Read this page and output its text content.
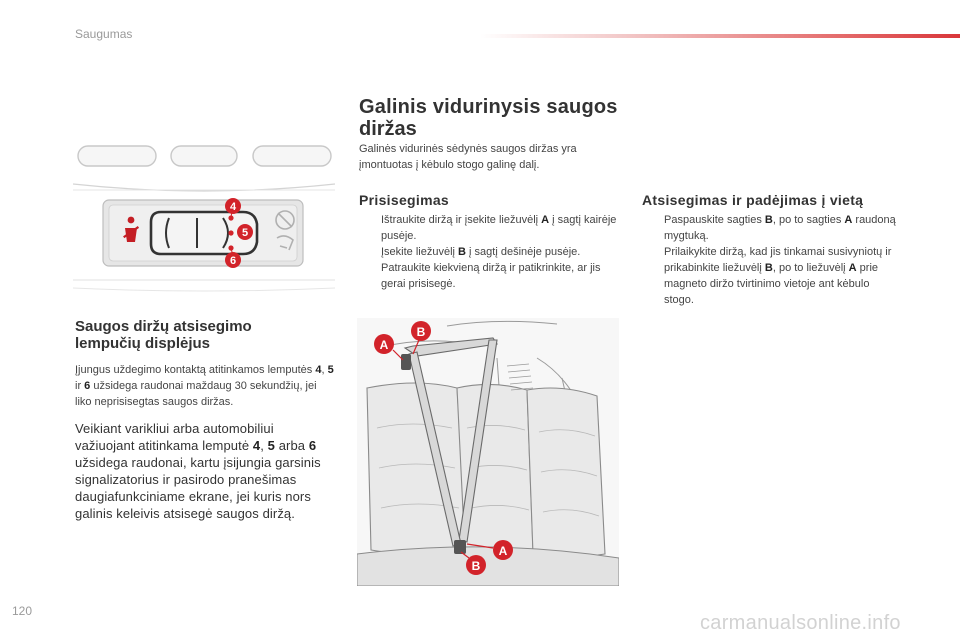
Saugumas
4
5
6
Saugos diržų atsisegimo
lempučių displėjus

Įjungus uždegimo kontaktą atitinkamos lemputės 4, 5 ir 6 užsidega raudonai maždaug 30 sekundžių, jei liko neprisisegtas saugos diržas.

Veikiant varikliui arba automobiliui važiuojant atitinkama lemputė 4, 5 arba 6 užsidega raudonai, kartu įsijungia garsinis signalizatorius ir pasirodo pranešimas daugiafunkciniame ekrane, jei kuris nors galinis keleivis atsisegė saugos diržą.

Galinis vidurinysis saugos
diržas
Galinės vidurinės sėdynės saugos diržas yra įmontuotas į kėbulo stogo galinę dalį.
Prisisegimas
Ištraukite diržą ir įsekite liežuvėlį A į sagtį kairėje pusėje.
Įsekite liežuvėlį B į sagtį dešinėje pusėje.
Patraukite kiekvieną diržą ir patikrinkite, ar jis gerai prisisegė.
Atsisegimas ir padėjimas į vietą
Paspauskite sagties B, po to sagties A raudoną mygtuką.
Prilaikykite diržą, kad jis tinkamai susivyniotų ir prikabinkite liežuvėlį B, po to liežuvėlį A prie magneto diržo tvirtinimo vietoje ant kėbulo stogo.
A
B
A
B
120
carmanualsonline.info
